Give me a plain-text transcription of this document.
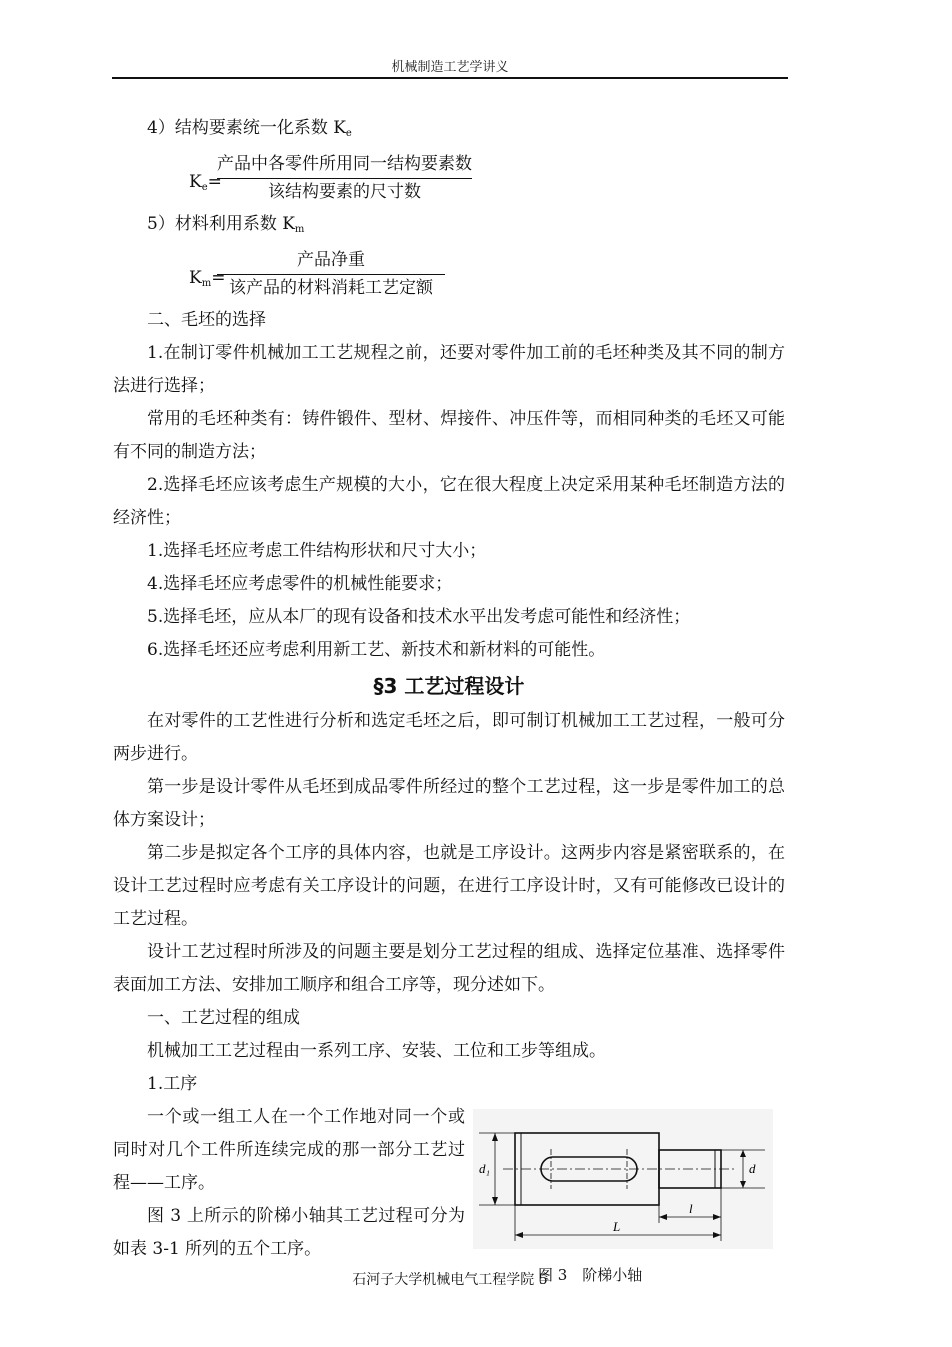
机械制造工艺学讲义

4）结构要素统一化系数 $K_e$

$K_e=$
产品中各零件所用同一结构要素数
该结构要素的尺寸数

5）材料利用系数 $K_m$

$K_m=$
产品净重
该产品的材料消耗工艺定额

二、毛坯的选择

1.在制订零件机械加工工艺规程之前，还要对零件加工前的毛坯种类及其不同的制方法进行选择；

常用的毛坯种类有：铸件锻件、型材、焊接件、冲压件等，而相同种类的毛坯又可能有不同的制造方法；

2.选择毛坯应该考虑生产规模的大小，它在很大程度上决定采用某种毛坯制造方法的经济性；

1.选择毛坯应考虑工件结构形状和尺寸大小；

4.选择毛坯应考虑零件的机械性能要求；

5.选择毛坯，应从本厂的现有设备和技术水平出发考虑可能性和经济性；

6.选择毛坯还应考虑利用新工艺、新技术和新材料的可能性。

§3 工艺过程设计

在对零件的工艺性进行分析和选定毛坯之后，即可制订机械加工工艺过程，一般可分两步进行。

第一步是设计零件从毛坯到成品零件所经过的整个工艺过程，这一步是零件加工的总体方案设计；

第二步是拟定各个工序的具体内容，也就是工序设计。这两步内容是紧密联系的，在设计工艺过程时应考虑有关工序设计的问题，在进行工序设计时，又有可能修改已设计的工艺过程。

设计工艺过程时所涉及的问题主要是划分工艺过程的组成、选择定位基准、选择零件表面加工方法、安排加工顺序和组合工序等，现分述如下。

一、工艺过程的组成

机械加工工艺过程由一系列工序、安装、工位和工步等组成。

1.工序

一个或一组工人在一个工作地对同一个或同时对几个工件所连续完成的那一部分工艺过程——工序。

图 3 上所示的阶梯小轴其工艺过程可分为如表 3-1 所列的五个工序。

d₁	d
L
l
图 3　阶梯小轴
石河子大学机械电气工程学院 5
